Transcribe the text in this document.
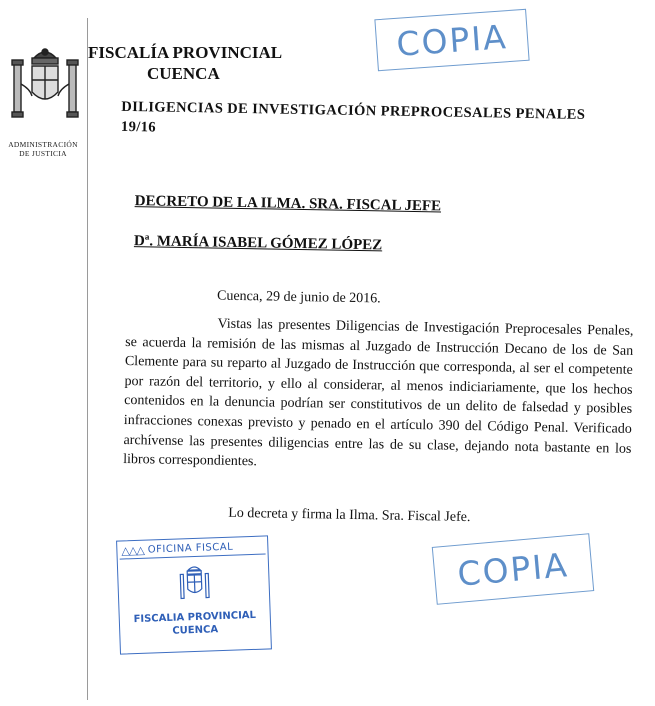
ADMINISTRACIÓN
DE JUSTICIA
FISCALÍA PROVINCIAL
CUENCA
COPIA
DILIGENCIAS DE INVESTIGACIÓN PREPROCESALES PENALES
19/16
DECRETO DE LA ILMA. SRA. FISCAL JEFE
Dª. MARÍA ISABEL GÓMEZ LÓPEZ
Cuenca, 29 de junio de 2016.
Vistas las presentes Diligencias de Investigación Preprocesales Penales, se acuerda la remisión de las mismas al Juzgado de Instrucción Decano de los de San Clemente para su reparto al Juzgado de Instrucción que corresponda, al ser el competente por razón del territorio, y ello al considerar, al menos indiciariamente, que los hechos contenidos en la denuncia podrían ser constitutivos de un delito de falsedad y posibles infracciones conexas previsto y penado en el artículo 390 del Código Penal. Verificado archívense las presentes diligencias entre las de su clase, dejando nota bastante en los libros correspondientes.
Lo decreta y firma la Ilma. Sra. Fiscal Jefe.
△△△ OFICINA FISCAL
FISCALIA PROVINCIAL
CUENCA
COPIA
